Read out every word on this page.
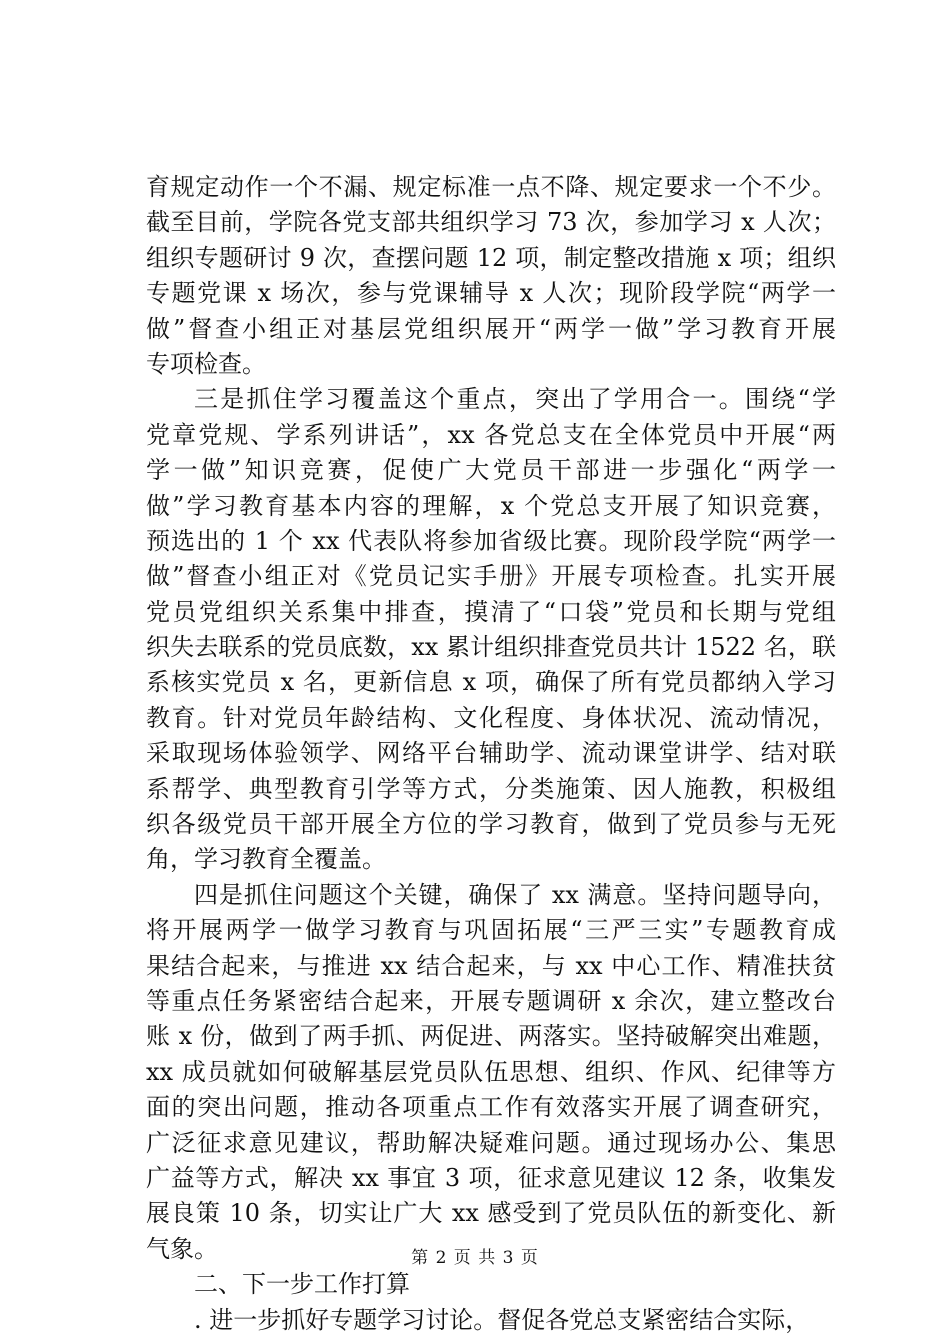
育规定动作一个不漏、规定标准一点不降、规定要求一个不少。
截至目前，学院各党支部共组织学习 73 次，参加学习 x 人次；
组织专题研讨 9 次，查摆问题 12 项，制定整改措施 x 项；组织
专题党课 x 场次，参与党课辅导 x 人次；现阶段学院“两学一
做”督查小组正对基层党组织展开“两学一做”学习教育开展
专项检查。
三是抓住学习覆盖这个重点，突出了学用合一。围绕“学
党章党规、学系列讲话”，xx 各党总支在全体党员中开展“两
学一做”知识竞赛，促使广大党员干部进一步强化“两学一
做”学习教育基本内容的理解，x 个党总支开展了知识竞赛，
预选出的 1 个 xx 代表队将参加省级比赛。现阶段学院“两学一
做”督查小组正对《党员记实手册》开展专项检查。扎实开展
党员党组织关系集中排查，摸清了“口袋”党员和长期与党组
织失去联系的党员底数，xx 累计组织排查党员共计 1522 名，联
系核实党员 x 名，更新信息 x 项，确保了所有党员都纳入学习
教育。针对党员年龄结构、文化程度、身体状况、流动情况，
采取现场体验领学、网络平台辅助学、流动课堂讲学、结对联
系帮学、典型教育引学等方式，分类施策、因人施教，积极组
织各级党员干部开展全方位的学习教育，做到了党员参与无死
角，学习教育全覆盖。
四是抓住问题这个关键，确保了 xx 满意。坚持问题导向，
将开展两学一做学习教育与巩固拓展“三严三实”专题教育成
果结合起来，与推进 xx 结合起来，与 xx 中心工作、精准扶贫
等重点任务紧密结合起来，开展专题调研 x 余次，建立整改台
账 x 份，做到了两手抓、两促进、两落实。坚持破解突出难题，
xx 成员就如何破解基层党员队伍思想、组织、作风、纪律等方
面的突出问题，推动各项重点工作有效落实开展了调查研究，
广泛征求意见建议，帮助解决疑难问题。通过现场办公、集思
广益等方式，解决 xx 事宜 3 项，征求意见建议 12 条，收集发
展良策 10 条，切实让广大 xx 感受到了党员队伍的新变化、新
气象。
二、下一步工作打算
. 进一步抓好专题学习讨论。督促各党总支紧密结合实际，
第 2 页 共 3 页
